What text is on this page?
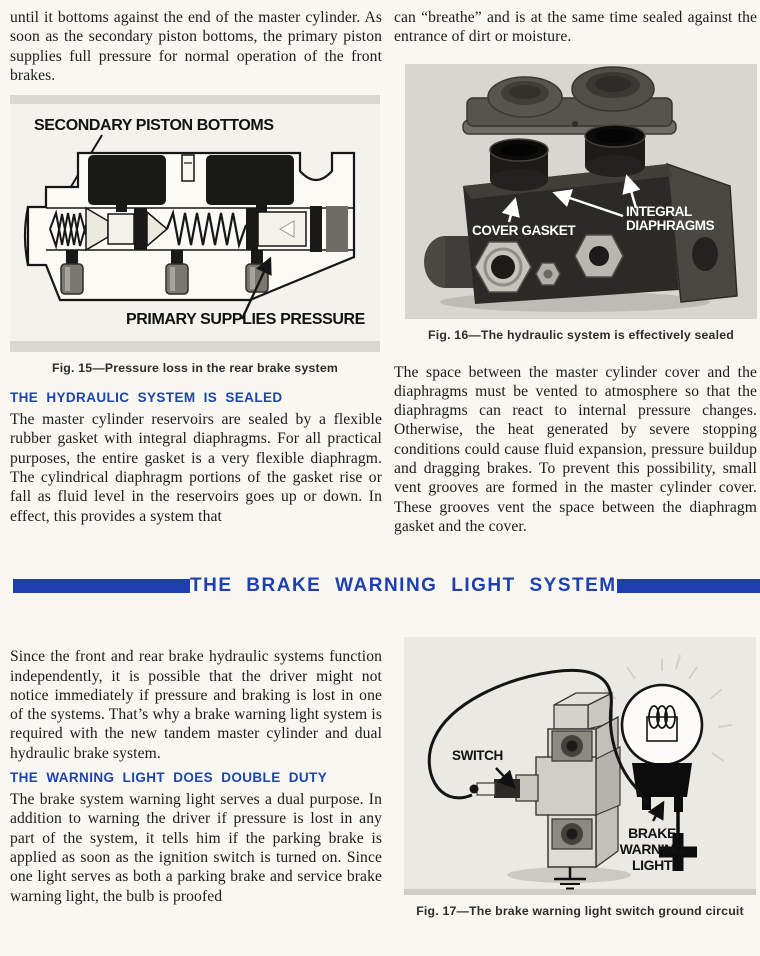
until it bottoms against the end of the master cylinder. As soon as the secondary piston bottoms, the primary piston supplies full pressure for normal operation of the front brakes.

SECONDARY PISTON BOTTOMS
PRIMARY SUPPLIES PRESSURE
Fig. 15—Pressure loss in the rear brake system
THE HYDRAULIC SYSTEM IS SEALED

The master cylinder reservoirs are sealed by a flexible rubber gasket with integral diaphragms. For all practical purposes, the entire gasket is a very flexible diaphragm. The cylindrical diaphragm portions of the gasket rise or fall as fluid level in the reservoirs goes up or down. In effect, this provides a system that

can “breathe” and is at the same time sealed against the entrance of dirt or moisture.

COVER GASKET
INTEGRAL DIAPHRAGMS
Fig. 16—The hydraulic system is effectively sealed

The space between the master cylinder cover and the diaphragms must be vented to atmosphere so that the diaphragms can react to internal pressure changes. Otherwise, the heat generated by severe stopping conditions could cause fluid expansion, pressure buildup and dragging brakes. To prevent this possibility, small vent grooves are formed in the master cylinder cover. These grooves vent the space between the diaphragm gasket and the cover.

THE BRAKE WARNING LIGHT SYSTEM

Since the front and rear brake hydraulic systems function independently, it is possible that the driver might not notice immediately if pressure and braking is lost in one of the systems. That’s why a brake warning light system is required with the new tandem master cylinder and dual hydraulic brake system.

THE WARNING LIGHT DOES DOUBLE DUTY

The brake system warning light serves a dual purpose. In addition to warning the driver if pressure is lost in any part of the system, it tells him if the parking brake is applied as soon as the ignition switch is turned on. Since one light serves as both a parking brake and service brake warning light, the bulb is proofed

SWITCH
BRAKE WARNING LIGHT
Fig. 17—The brake warning light switch ground circuit
